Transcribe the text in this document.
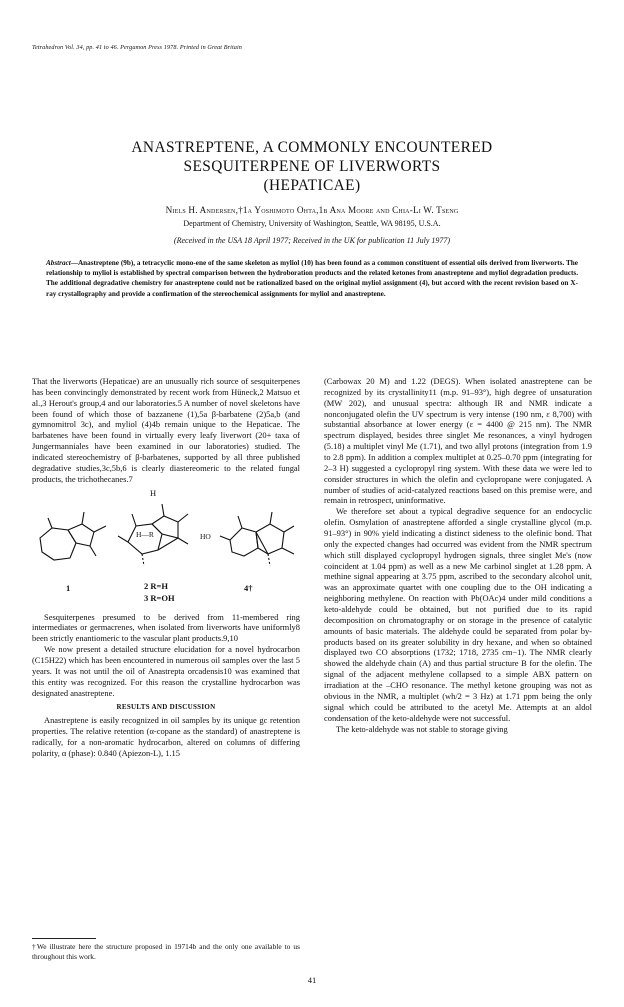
Tetrahedron Vol. 34, pp. 41 to 46. Pergamon Press 1978. Printed in Great Britain
ANASTREPTENE, A COMMONLY ENCOUNTERED
SESQUITERPENE OF LIVERWORTS
(HEPATICAE)
Niels H. Andersen,†1a Yoshimoto Ohta,1b Ana Moore and Chia-Li W. Tseng
Department of Chemistry, University of Washington, Seattle, WA 98195, U.S.A.
(Received in the USA 18 April 1977; Received in the UK for publication 11 July 1977)
Abstract—Anastreptene (9b), a tetracyclic mono-ene of the same skeleton as myliol (10) has been found as a common constituent of essential oils derived from liverworts. The relationship to myliol is established by spectral comparison between the hydroboration products and the related ketones from anastreptene and myliol degradation products. The additional degradative chemistry for anastreptene could not be rationalized based on the original myliol assignment (4), but accord with the recent revision based on X-ray crystallography and provide a confirmation of the stereochemical assignments for myliol and anastreptene.

That the liverworts (Hepaticae) are an unusually rich source of sesquiterpenes has been convincingly demonstrated by recent work from Hüneck,2 Matsuo et al.,3 Herout's group,4 and our laboratories.5 A number of novel skeletons have been found of which those of bazzanene (1),5a β-barbatene (2)5a,b (and gymnomitrol 3c), and myliol (4)4b remain unique to the Hepaticae. The barbatenes have been found in virtually every leafy liverwort (20+ taxa of Jungermanniales have been examined in our laboratories) studied. The indicated stereochemistry of β-barbatenes, supported by all three published degradative studies,3c,5b,6 is clearly diastereomeric to the related fungal products, the trichothecanes.7

H
H—R	HO
1	2 R=H
3 R=OH
4†

Sesquiterpenes presumed to be derived from 11-membered ring intermediates or germacrenes, when isolated from liverworts have uniformly8 been strictly enantiomeric to the vascular plant products.9,10

We now present a detailed structure elucidation for a novel hydrocarbon (C15H22) which has been encountered in numerous oil samples over the last 5 years. It was not until the oil of Anastrepta orcadensis10 was examined that this entity was recognized. For this reason the crystalline hydrocarbon was designated anastreptene.

RESULTS AND DISCUSSION

Anastreptene is easily recognized in oil samples by its unique gc retention properties. The relative retention (α-copane as the standard) of anastreptene is radically, for a non-aromatic hydrocarbon, altered on columns of differing polarity, α (phase): 0.840 (Apiezon-L), 1.15

(Carbowax 20 M) and 1.22 (DEGS). When isolated anastreptene can be recognized by its crystallinity11 (m.p. 91–93°), high degree of unsaturation (MW 202), and unusual spectra: although IR and NMR indicate a nonconjugated olefin the UV spectrum is very intense (190 nm, ε 8,700) with substantial absorbance at lower energy (ε = 4400 @ 215 nm). The NMR spectrum displayed, besides three singlet Me resonances, a vinyl hydrogen (5.18) a multiplet vinyl Me (1.71), and two allyl protons (integration from 1.9 to 2.8 ppm). In addition a complex multiplet at 0.25–0.70 ppm (integrating for 2–3 H) suggested a cyclopropyl ring system. With these data we were led to consider structures in which the olefin and cyclopropane were conjugated. A number of studies of acid-catalyzed reactions based on this premise were, and remain in retrospect, uninformative.

We therefore set about a typical degradive sequence for an endocyclic olefin. Osmylation of anastreptene afforded a single crystalline glycol (m.p. 91–93°) in 90% yield indicating a distinct sideness to the olefinic bond. That only the expected changes had occurred was evident from the NMR spectrum which still displayed cyclopropyl hydrogen signals, three singlet Me's (now coincident at 1.04 ppm) as well as a new Me carbinol singlet at 1.28 ppm. A methine signal appearing at 3.75 ppm, ascribed to the secondary alcohol unit, was an approximate quartet with one coupling due to the OH indicating a neighboring methylene. On reaction with Pb(OAc)4 under mild conditions a keto-aldehyde could be obtained, but not purified due to its rapid decomposition on chromatography or on storage in the presence of catalytic amounts of basic materials. The aldehyde could be separated from polar by-products based on its greater solubility in dry hexane, and when so obtained displayed two CO absorptions (1732; 1718, 2735 cm−1). The NMR clearly showed the aldehyde chain (A) and thus partial structure B for the olefin. The signal of the adjacent methylene collapsed to a simple ABX pattern on irradiation at the –CHO resonance. The methyl ketone grouping was not as obvious in the NMR, a multiplet (wh/2 = 3 Hz) at 1.71 ppm being the only signal which could be attributed to the acetyl Me. Attempts at an aldol condensation of the keto-aldehyde were not successful.

The keto-aldehyde was not stable to storage giving

†We illustrate here the structure proposed in 19714b and the only one available to us throughout this work.
41
